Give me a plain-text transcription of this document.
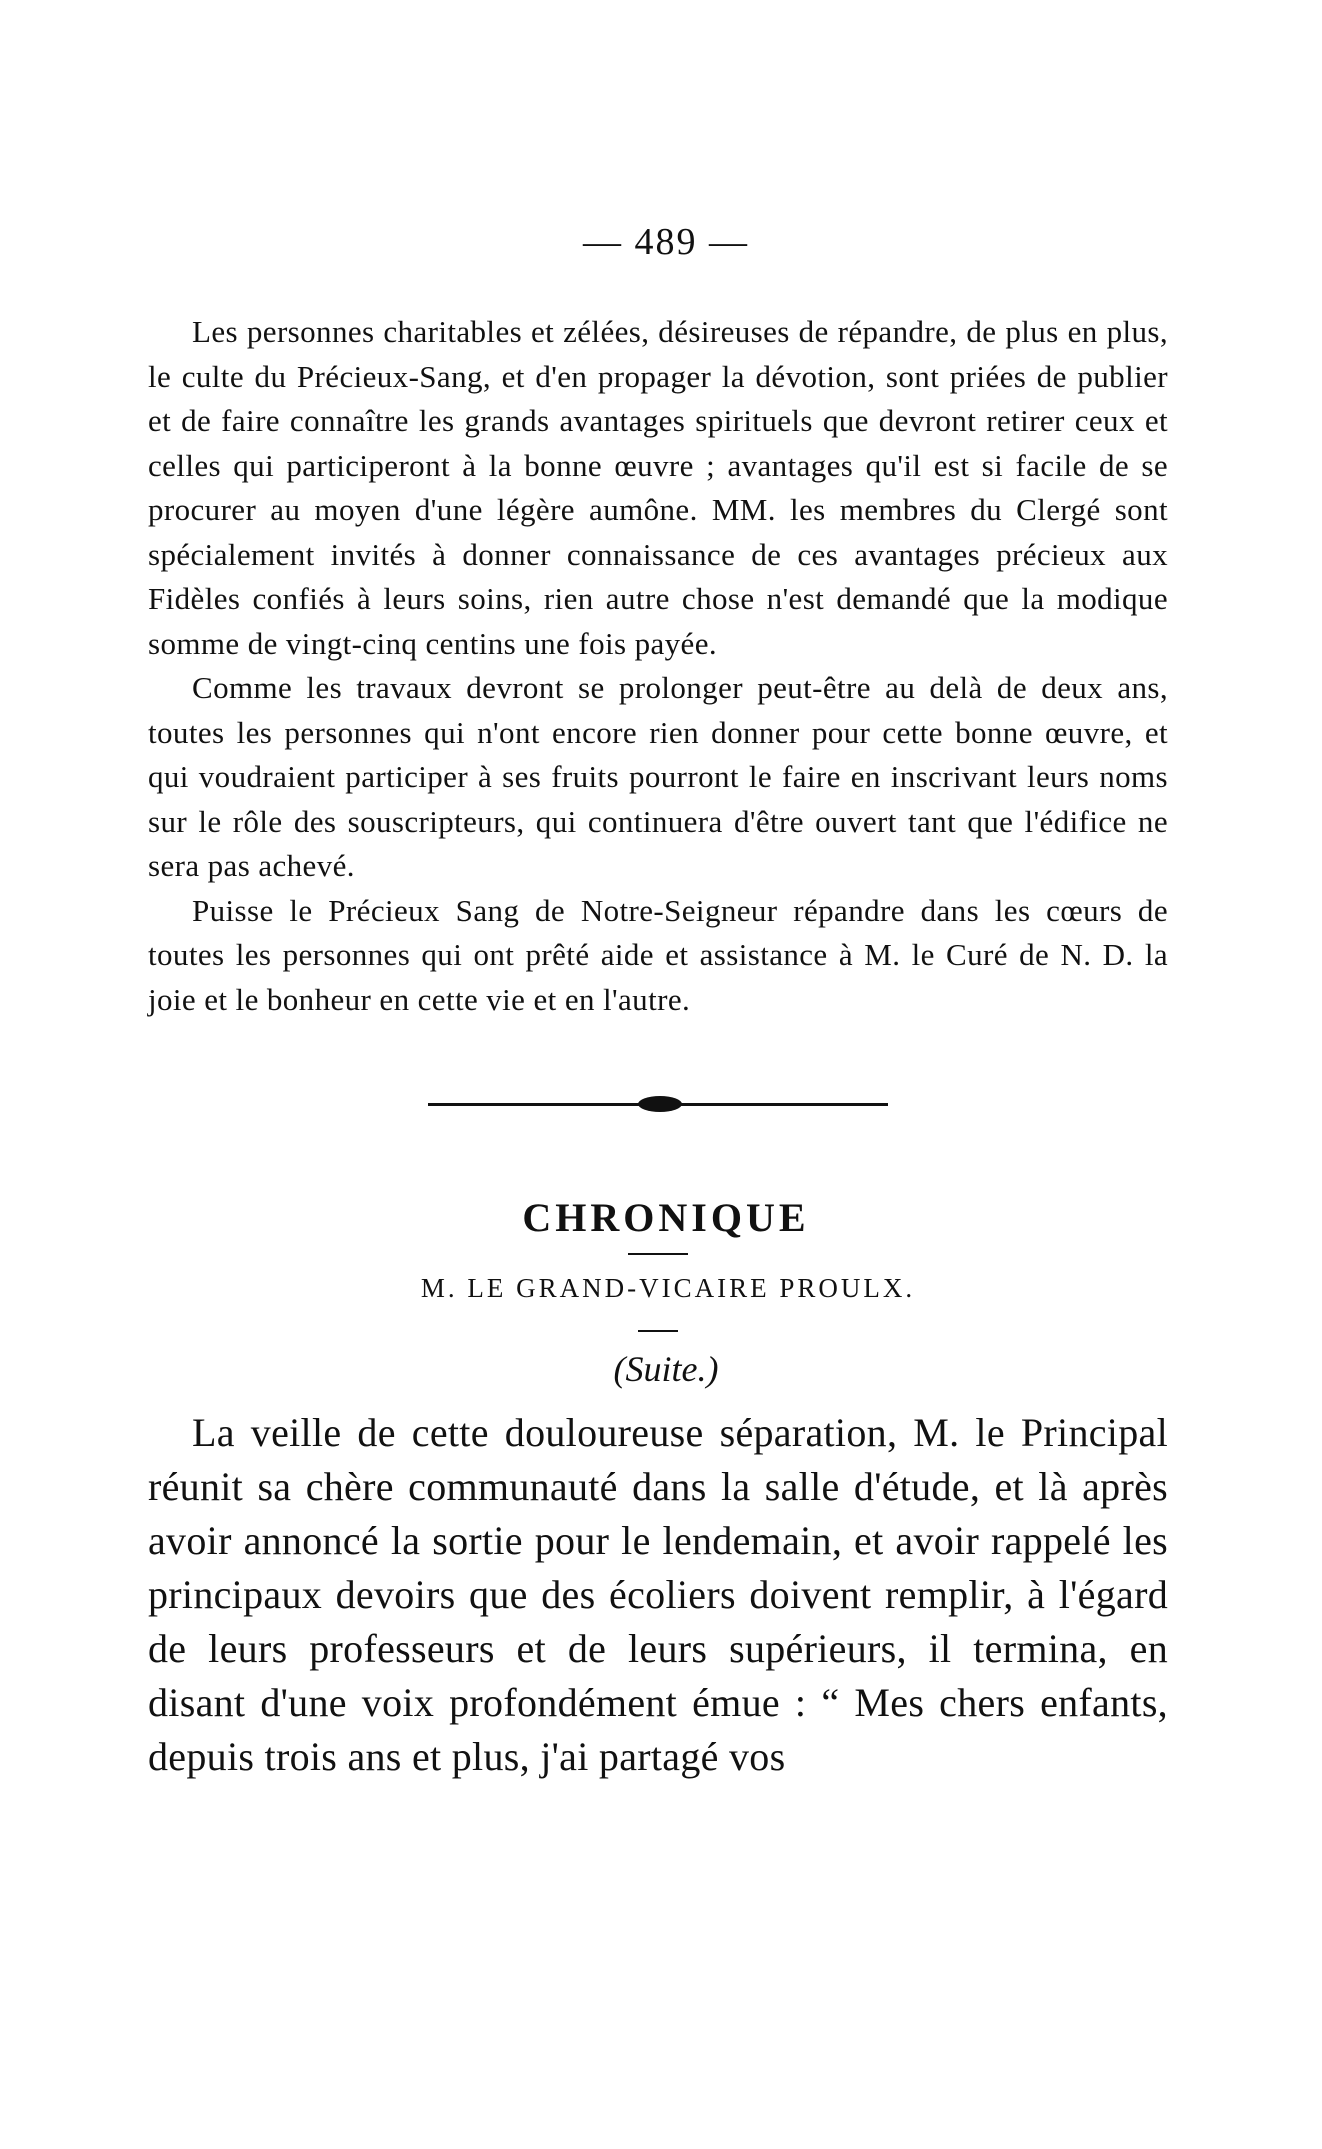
— 489 —

Les personnes charitables et zélées, désireuses de répandre, de plus en plus, le culte du Précieux-Sang, et d'en propager la dévotion, sont priées de publier et de faire connaître les grands avantages spirituels que devront retirer ceux et celles qui participeront à la bonne œuvre ; avantages qu'il est si facile de se procurer au moyen d'une légère aumône. MM. les membres du Clergé sont spécialement invités à donner connaissance de ces avantages précieux aux Fidèles confiés à leurs soins, rien autre chose n'est demandé que la modique somme de vingt-cinq centins une fois payée.

Comme les travaux devront se prolonger peut-être au delà de deux ans, toutes les personnes qui n'ont encore rien donner pour cette bonne œuvre, et qui voudraient participer à ses fruits pourront le faire en inscrivant leurs noms sur le rôle des souscripteurs, qui continuera d'être ouvert tant que l'édifice ne sera pas achevé.

Puisse le Précieux Sang de Notre-Seigneur répandre dans les cœurs de toutes les personnes qui ont prêté aide et assistance à M. le Curé de N. D. la joie et le bonheur en cette vie et en l'autre.

CHRONIQUE
M. LE GRAND-VICAIRE PROULX.
(Suite.)

La veille de cette douloureuse séparation, M. le Principal réunit sa chère communauté dans la salle d'étude, et là après avoir annoncé la sortie pour le lendemain, et avoir rappelé les principaux devoirs que des écoliers doivent remplir, à l'égard de leurs professeurs et de leurs supérieurs, il termina, en disant d'une voix profondément émue : “ Mes chers enfants, depuis trois ans et plus, j'ai partagé vos
